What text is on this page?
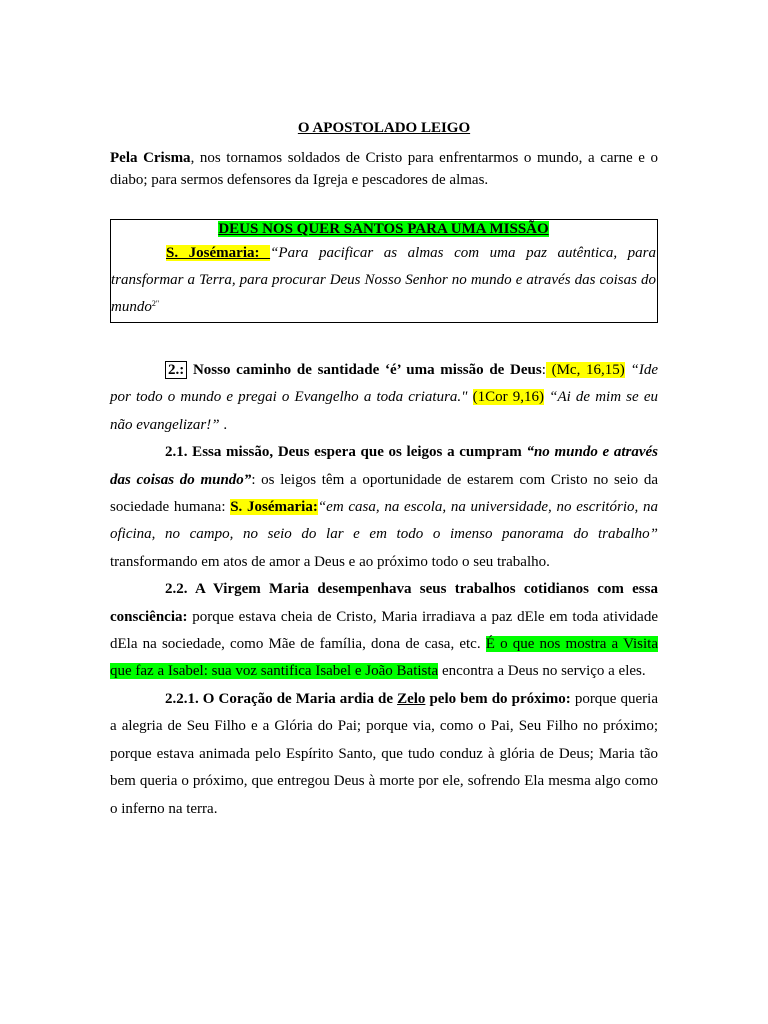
O APOSTOLADO LEIGO

Pela Crisma, nos tornamos soldados de Cristo para enfrentarmos o mundo, a carne e o diabo; para sermos defensores da Igreja e pescadores de almas.

DEUS NOS QUER SANTOS PARA UMA MISSÃO

S. Josémaria: “Para pacificar as almas com uma paz autêntica, para transformar a Terra, para procurar Deus Nosso Senhor no mundo e através das coisas do mundo$^{2"}$

2.: Nosso caminho de santidade ‘é’ uma missão de Deus: (Mc, 16,15) “Ide por todo o mundo e pregai o Evangelho a toda criatura." (1Cor 9,16) “Ai de mim se eu não evangelizar!” .

2.1. Essa missão, Deus espera que os leigos a cumpram “no mundo e através das coisas do mundo”: os leigos têm a oportunidade de estarem com Cristo no seio da sociedade humana: S. Josémaria:“em casa, na escola, na universidade, no escritório, na oficina, no campo, no seio do lar e em todo o imenso panorama do trabalho” transformando em atos de amor a Deus e ao próximo todo o seu trabalho.

2.2. A Virgem Maria desempenhava seus trabalhos cotidianos com essa consciência: porque estava cheia de Cristo, Maria irradiava a paz dEle em toda atividade dEla na sociedade, como Mãe de família, dona de casa, etc. É o que nos mostra a Visita que faz a Isabel: sua voz santifica Isabel e João Batista encontra a Deus no serviço a eles.

2.2.1. O Coração de Maria ardia de Zelo pelo bem do próximo: porque queria a alegria de Seu Filho e a Glória do Pai; porque via, como o Pai, Seu Filho no próximo; porque estava animada pelo Espírito Santo, que tudo conduz à glória de Deus; Maria tão bem queria o próximo, que entregou Deus à morte por ele, sofrendo Ela mesma algo como o inferno na terra.
